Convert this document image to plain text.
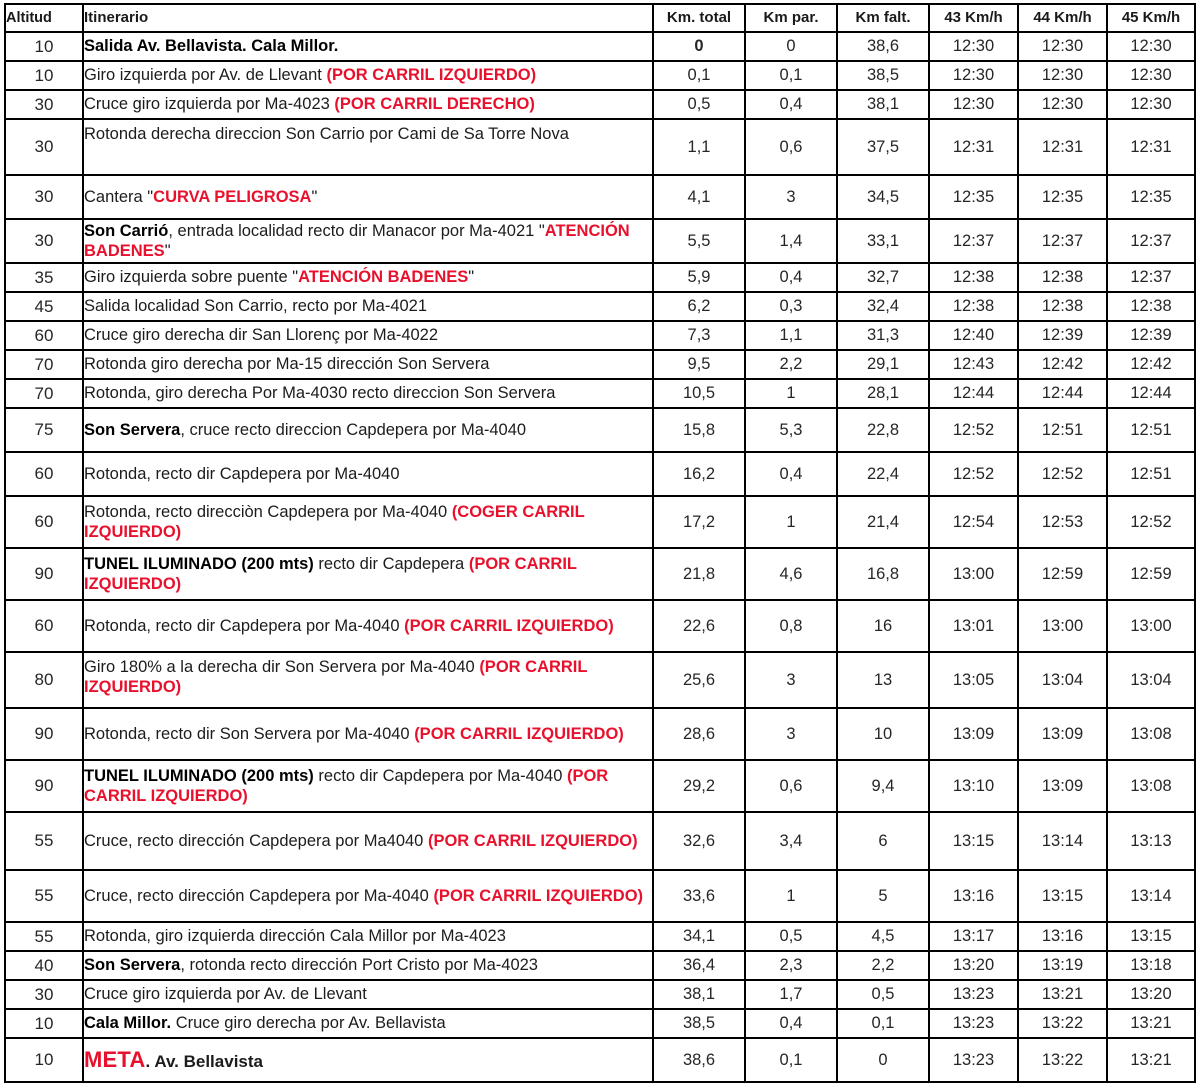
Altitud	Itinerario	Km. total	Km par.	Km falt.	43 Km/h	44 Km/h	45 Km/h
10	Salida Av. Bellavista. Cala Millor.	0	0	38,6	12:30	12:30	12:30
10	Giro izquierda por Av. de Llevant (POR CARRIL IZQUIERDO)	0,1	0,1	38,5	12:30	12:30	12:30
30	Cruce giro izquierda por Ma-4023 (POR CARRIL DERECHO)	0,5	0,4	38,1	12:30	12:30	12:30
30	Rotonda derecha direccion Son Carrio por Cami de Sa Torre Nova	1,1	0,6	37,5	12:31	12:31	12:31
30	Cantera "CURVA PELIGROSA"	4,1	3	34,5	12:35	12:35	12:35
30	Son Carrió, entrada localidad recto dir Manacor por Ma-4021 "ATENCIÓN BADENES"	5,5	1,4	33,1	12:37	12:37	12:37
35	Giro izquierda sobre puente "ATENCIÓN BADENES"	5,9	0,4	32,7	12:38	12:38	12:37
45	Salida localidad Son Carrio, recto por Ma-4021	6,2	0,3	32,4	12:38	12:38	12:38
60	Cruce giro derecha dir San Llorenç por Ma-4022	7,3	1,1	31,3	12:40	12:39	12:39
70	Rotonda giro derecha por Ma-15 dirección Son Servera	9,5	2,2	29,1	12:43	12:42	12:42
70	Rotonda, giro derecha Por Ma-4030 recto direccion Son Servera	10,5	1	28,1	12:44	12:44	12:44
75	Son Servera, cruce recto direccion Capdepera por Ma-4040	15,8	5,3	22,8	12:52	12:51	12:51
60	Rotonda, recto dir Capdepera por Ma-4040	16,2	0,4	22,4	12:52	12:52	12:51
60	Rotonda, recto direcciòn Capdepera por Ma-4040 (COGER CARRIL IZQUIERDO)	17,2	1	21,4	12:54	12:53	12:52
90	TUNEL ILUMINADO (200 mts) recto dir Capdepera (POR CARRIL IZQUIERDO)	21,8	4,6	16,8	13:00	12:59	12:59
60	Rotonda, recto dir Capdepera por Ma-4040 (POR CARRIL IZQUIERDO)	22,6	0,8	16	13:01	13:00	13:00
80	Giro 180% a la derecha dir Son Servera por Ma-4040 (POR CARRIL IZQUIERDO)	25,6	3	13	13:05	13:04	13:04
90	Rotonda, recto dir Son Servera por Ma-4040 (POR CARRIL IZQUIERDO)	28,6	3	10	13:09	13:09	13:08
90	TUNEL ILUMINADO (200 mts) recto dir Capdepera por Ma-4040 (POR CARRIL IZQUIERDO)	29,2	0,6	9,4	13:10	13:09	13:08
55	Cruce, recto dirección Capdepera por Ma4040 (POR CARRIL IZQUIERDO)	32,6	3,4	6	13:15	13:14	13:13
55	Cruce, recto dirección Capdepera por Ma-4040 (POR CARRIL IZQUIERDO)	33,6	1	5	13:16	13:15	13:14
55	Rotonda, giro izquierda dirección Cala Millor por Ma-4023	34,1	0,5	4,5	13:17	13:16	13:15
40	Son Servera, rotonda recto dirección Port Cristo por Ma-4023	36,4	2,3	2,2	13:20	13:19	13:18
30	Cruce giro izquierda por Av. de Llevant	38,1	1,7	0,5	13:23	13:21	13:20
10	Cala Millor. Cruce giro derecha por Av. Bellavista	38,5	0,4	0,1	13:23	13:22	13:21
10	META. Av. Bellavista	38,6	0,1	0	13:23	13:22	13:21
